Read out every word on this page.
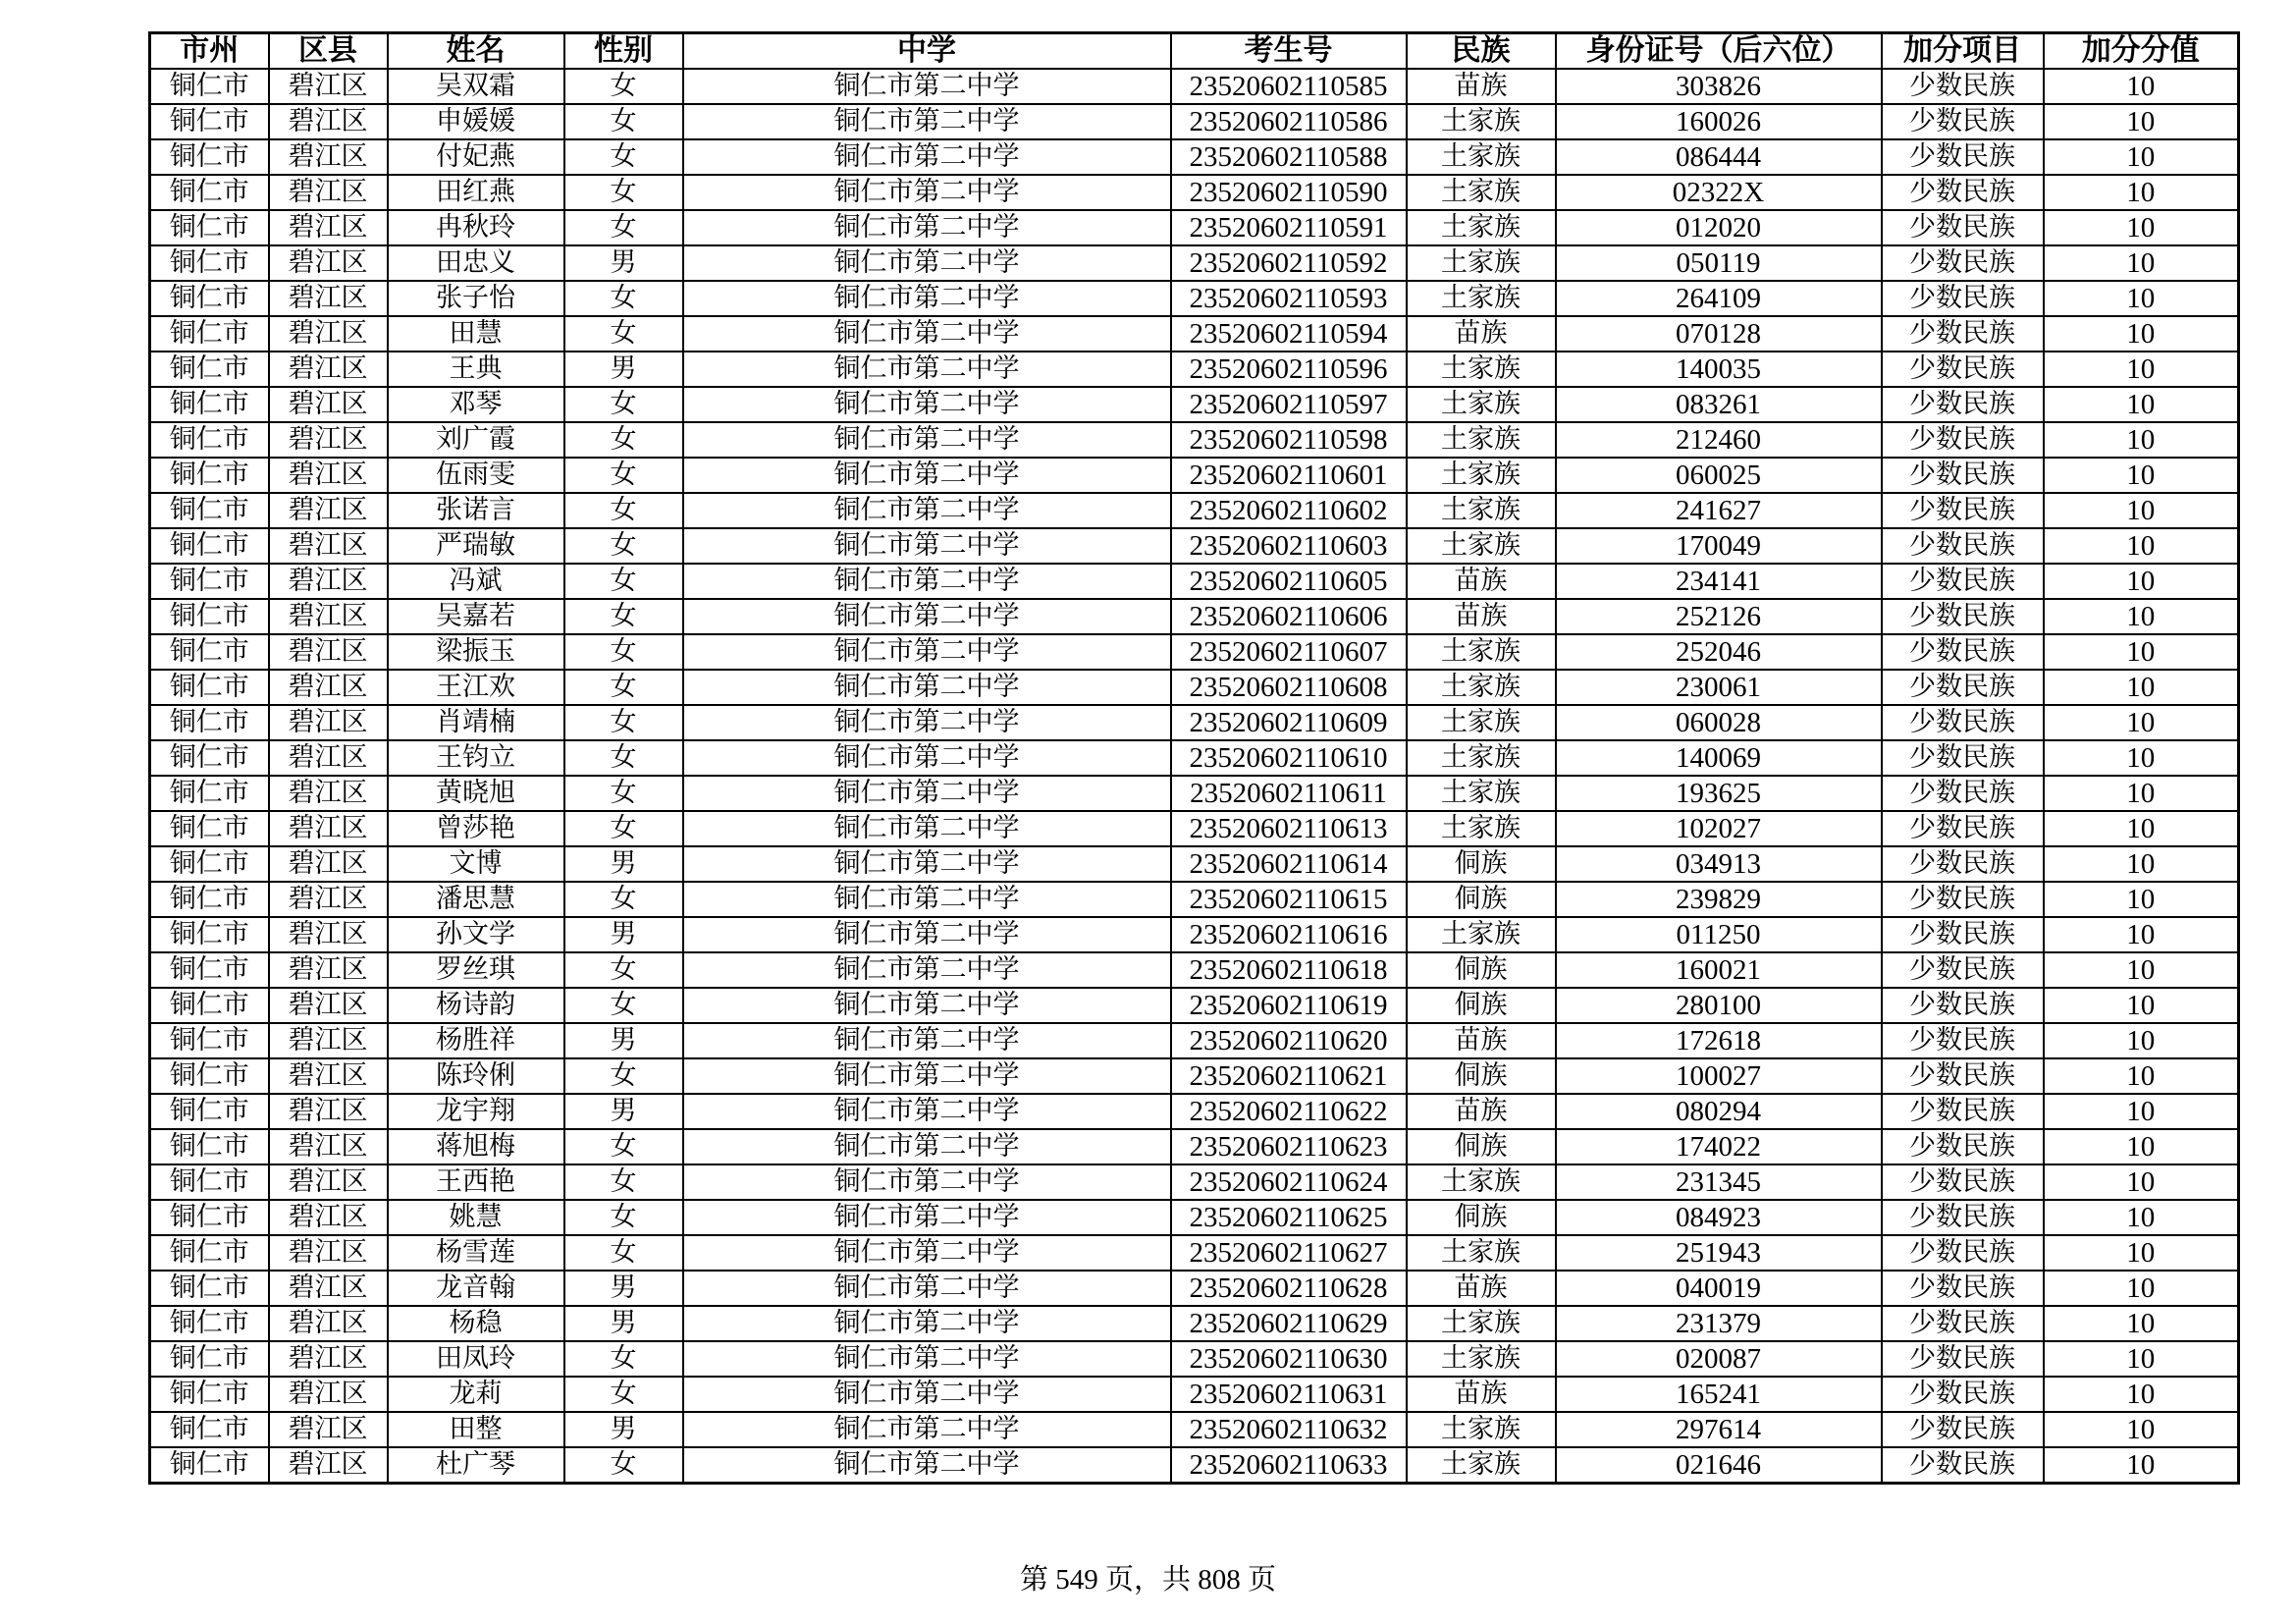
市州	区县	姓名	性别	中学	考生号	民族	身份证号（后六位）	加分项目	加分分值
铜仁市	碧江区	吴双霜	女	铜仁市第二中学	23520602110585	苗族	303826	少数民族	10
铜仁市	碧江区	申媛媛	女	铜仁市第二中学	23520602110586	土家族	160026	少数民族	10
铜仁市	碧江区	付妃燕	女	铜仁市第二中学	23520602110588	土家族	086444	少数民族	10
铜仁市	碧江区	田红燕	女	铜仁市第二中学	23520602110590	土家族	02322X	少数民族	10
铜仁市	碧江区	冉秋玲	女	铜仁市第二中学	23520602110591	土家族	012020	少数民族	10
铜仁市	碧江区	田忠义	男	铜仁市第二中学	23520602110592	土家族	050119	少数民族	10
铜仁市	碧江区	张子怡	女	铜仁市第二中学	23520602110593	土家族	264109	少数民族	10
铜仁市	碧江区	田慧	女	铜仁市第二中学	23520602110594	苗族	070128	少数民族	10
铜仁市	碧江区	王典	男	铜仁市第二中学	23520602110596	土家族	140035	少数民族	10
铜仁市	碧江区	邓琴	女	铜仁市第二中学	23520602110597	土家族	083261	少数民族	10
铜仁市	碧江区	刘广霞	女	铜仁市第二中学	23520602110598	土家族	212460	少数民族	10
铜仁市	碧江区	伍雨雯	女	铜仁市第二中学	23520602110601	土家族	060025	少数民族	10
铜仁市	碧江区	张诺言	女	铜仁市第二中学	23520602110602	土家族	241627	少数民族	10
铜仁市	碧江区	严瑞敏	女	铜仁市第二中学	23520602110603	土家族	170049	少数民族	10
铜仁市	碧江区	冯斌	女	铜仁市第二中学	23520602110605	苗族	234141	少数民族	10
铜仁市	碧江区	吴嘉若	女	铜仁市第二中学	23520602110606	苗族	252126	少数民族	10
铜仁市	碧江区	梁振玉	女	铜仁市第二中学	23520602110607	土家族	252046	少数民族	10
铜仁市	碧江区	王江欢	女	铜仁市第二中学	23520602110608	土家族	230061	少数民族	10
铜仁市	碧江区	肖靖楠	女	铜仁市第二中学	23520602110609	土家族	060028	少数民族	10
铜仁市	碧江区	王钧立	女	铜仁市第二中学	23520602110610	土家族	140069	少数民族	10
铜仁市	碧江区	黄晓旭	女	铜仁市第二中学	23520602110611	土家族	193625	少数民族	10
铜仁市	碧江区	曾莎艳	女	铜仁市第二中学	23520602110613	土家族	102027	少数民族	10
铜仁市	碧江区	文博	男	铜仁市第二中学	23520602110614	侗族	034913	少数民族	10
铜仁市	碧江区	潘思慧	女	铜仁市第二中学	23520602110615	侗族	239829	少数民族	10
铜仁市	碧江区	孙文学	男	铜仁市第二中学	23520602110616	土家族	011250	少数民族	10
铜仁市	碧江区	罗丝琪	女	铜仁市第二中学	23520602110618	侗族	160021	少数民族	10
铜仁市	碧江区	杨诗韵	女	铜仁市第二中学	23520602110619	侗族	280100	少数民族	10
铜仁市	碧江区	杨胜祥	男	铜仁市第二中学	23520602110620	苗族	172618	少数民族	10
铜仁市	碧江区	陈玲俐	女	铜仁市第二中学	23520602110621	侗族	100027	少数民族	10
铜仁市	碧江区	龙宇翔	男	铜仁市第二中学	23520602110622	苗族	080294	少数民族	10
铜仁市	碧江区	蒋旭梅	女	铜仁市第二中学	23520602110623	侗族	174022	少数民族	10
铜仁市	碧江区	王西艳	女	铜仁市第二中学	23520602110624	土家族	231345	少数民族	10
铜仁市	碧江区	姚慧	女	铜仁市第二中学	23520602110625	侗族	084923	少数民族	10
铜仁市	碧江区	杨雪莲	女	铜仁市第二中学	23520602110627	土家族	251943	少数民族	10
铜仁市	碧江区	龙音翰	男	铜仁市第二中学	23520602110628	苗族	040019	少数民族	10
铜仁市	碧江区	杨稳	男	铜仁市第二中学	23520602110629	土家族	231379	少数民族	10
铜仁市	碧江区	田凤玲	女	铜仁市第二中学	23520602110630	土家族	020087	少数民族	10
铜仁市	碧江区	龙莉	女	铜仁市第二中学	23520602110631	苗族	165241	少数民族	10
铜仁市	碧江区	田整	男	铜仁市第二中学	23520602110632	土家族	297614	少数民族	10
铜仁市	碧江区	杜广琴	女	铜仁市第二中学	23520602110633	土家族	021646	少数民族	10
第 549 页，共 808 页
